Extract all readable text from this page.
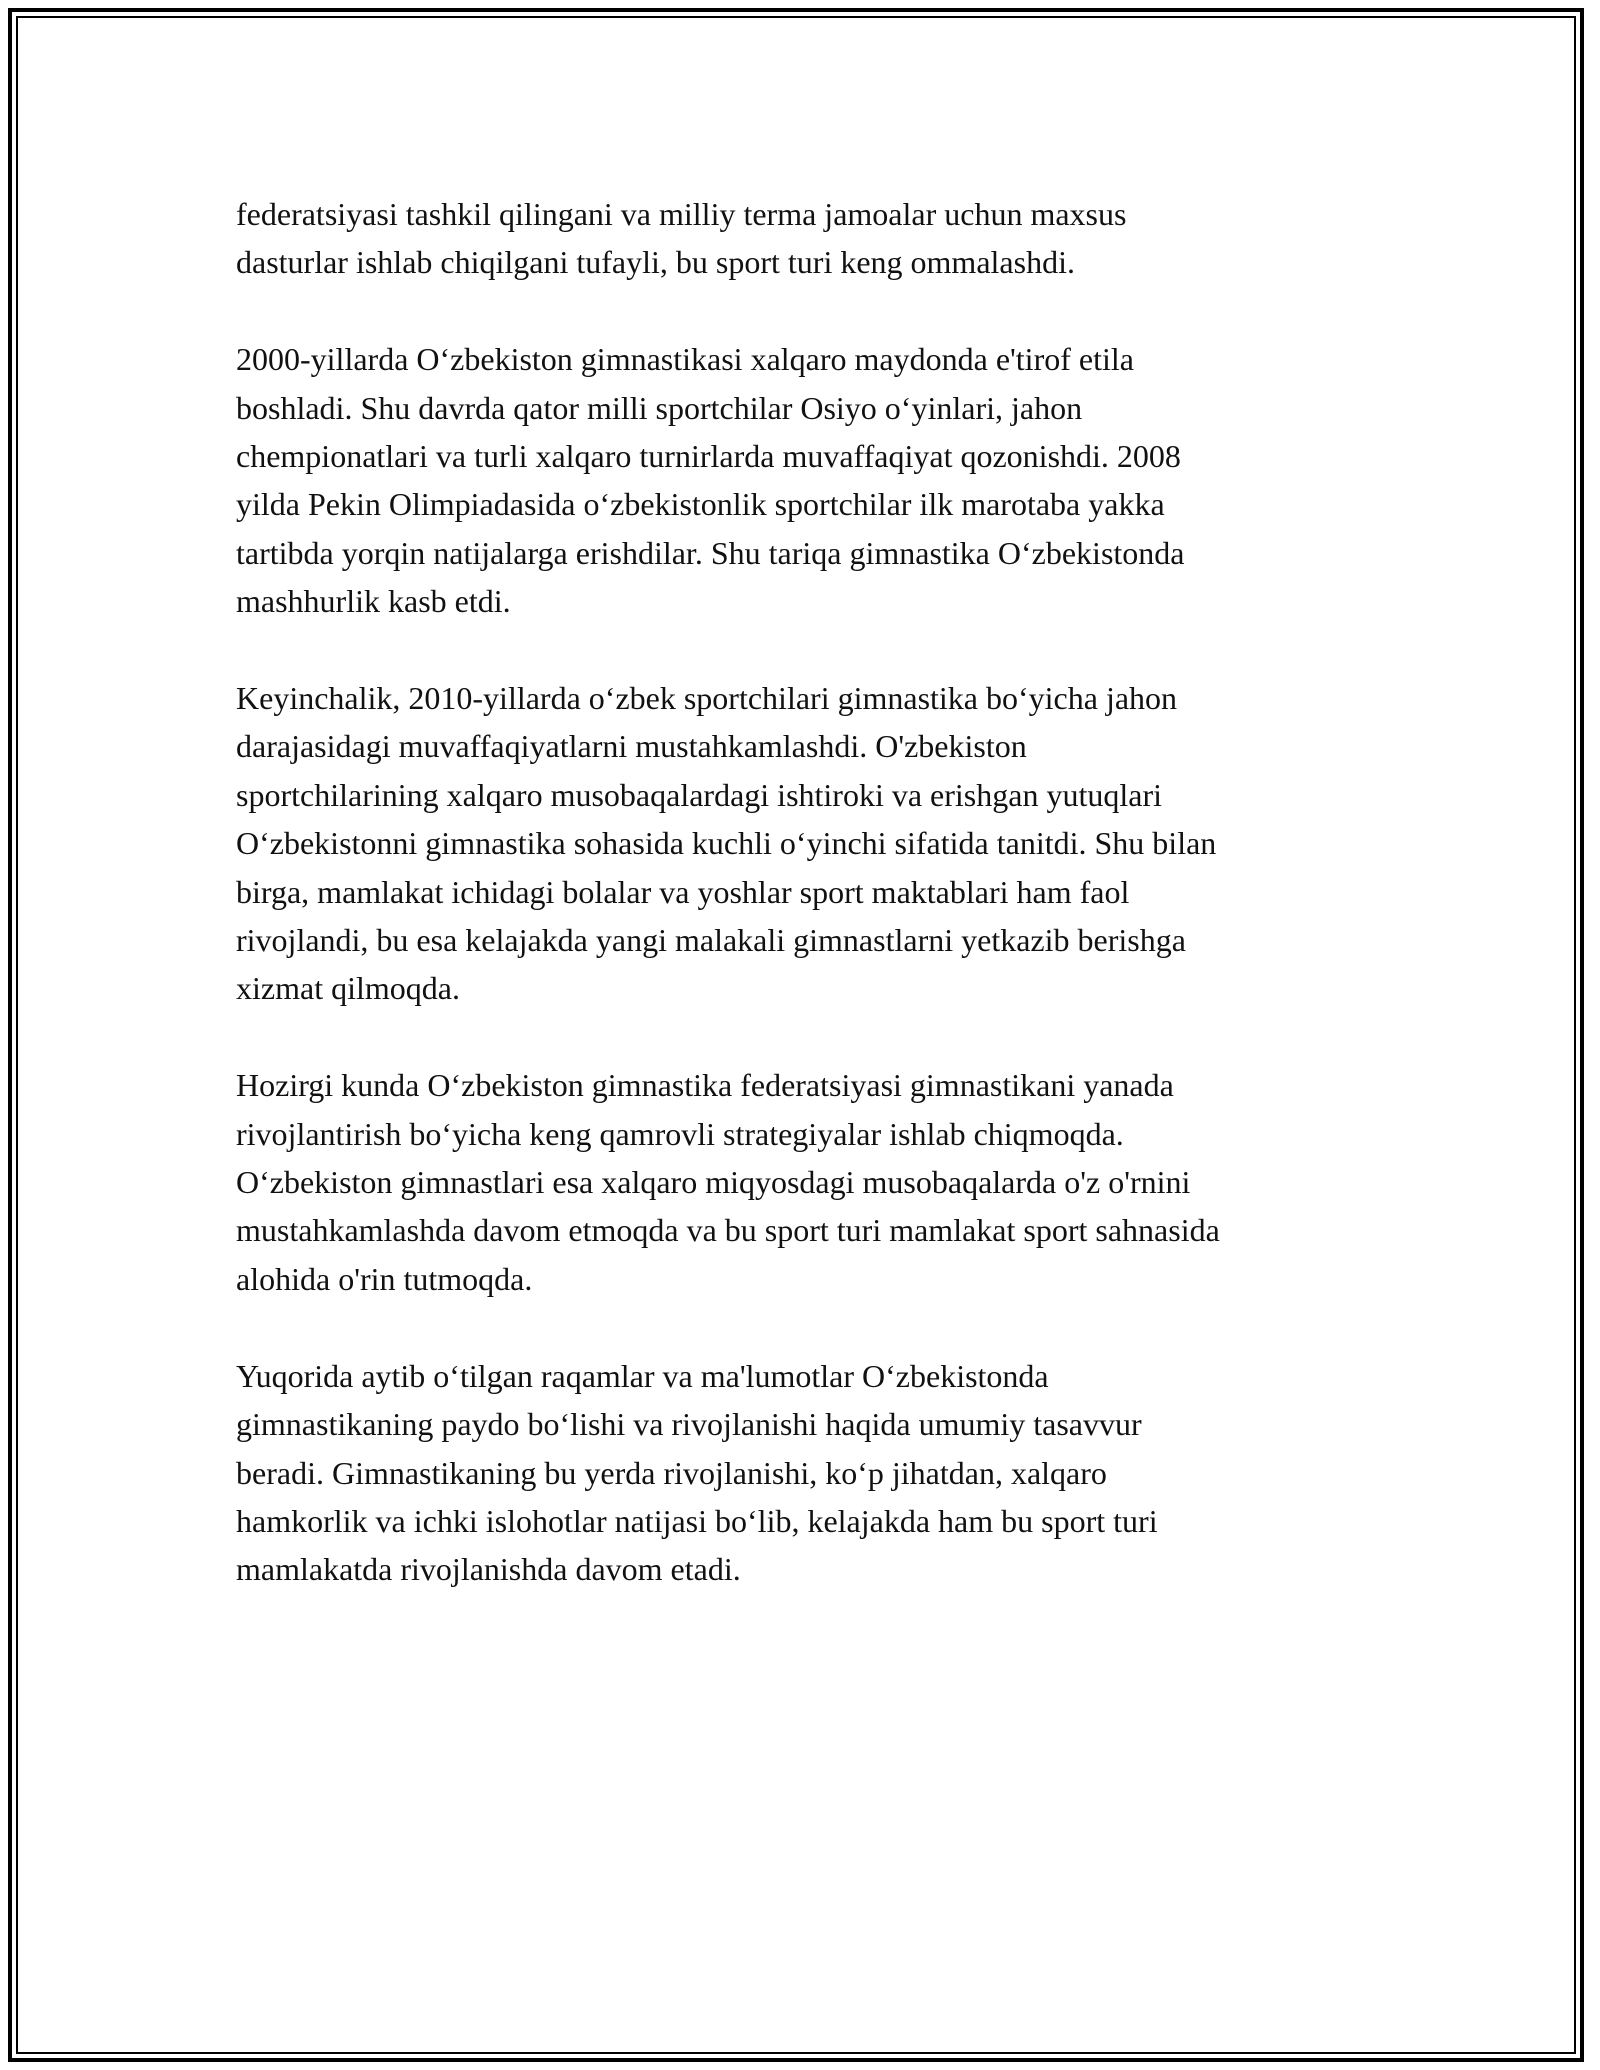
federatsiyasi tashkil qilingani va milliy terma jamoalar uchun maxsus
dasturlar ishlab chiqilgani tufayli, bu sport turi keng ommalashdi.

2000-yillarda O‘zbekiston gimnastikasi xalqaro maydonda e'tirof etila
boshladi. Shu davrda qator milli sportchilar Osiyo o‘yinlari, jahon
chempionatlari va turli xalqaro turnirlarda muvaffaqiyat qozonishdi. 2008
yilda Pekin Olimpiadasida o‘zbekistonlik sportchilar ilk marotaba yakka
tartibda yorqin natijalarga erishdilar. Shu tariqa gimnastika O‘zbekistonda
mashhurlik kasb etdi.

Keyinchalik, 2010-yillarda o‘zbek sportchilari gimnastika bo‘yicha jahon
darajasidagi muvaffaqiyatlarni mustahkamlashdi. O'zbekiston
sportchilarining xalqaro musobaqalardagi ishtiroki va erishgan yutuqlari
O‘zbekistonni gimnastika sohasida kuchli o‘yinchi sifatida tanitdi. Shu bilan
birga, mamlakat ichidagi bolalar va yoshlar sport maktablari ham faol
rivojlandi, bu esa kelajakda yangi malakali gimnastlarni yetkazib berishga
xizmat qilmoqda.

Hozirgi kunda O‘zbekiston gimnastika federatsiyasi gimnastikani yanada
rivojlantirish bo‘yicha keng qamrovli strategiyalar ishlab chiqmoqda.
O‘zbekiston gimnastlari esa xalqaro miqyosdagi musobaqalarda o'z o'rnini
mustahkamlashda davom etmoqda va bu sport turi mamlakat sport sahnasida
alohida o'rin tutmoqda.

Yuqorida aytib o‘tilgan raqamlar va ma'lumotlar O‘zbekistonda
gimnastikaning paydo bo‘lishi va rivojlanishi haqida umumiy tasavvur
beradi. Gimnastikaning bu yerda rivojlanishi, ko‘p jihatdan, xalqaro
hamkorlik va ichki islohotlar natijasi bo‘lib, kelajakda ham bu sport turi
mamlakatda rivojlanishda davom etadi.
